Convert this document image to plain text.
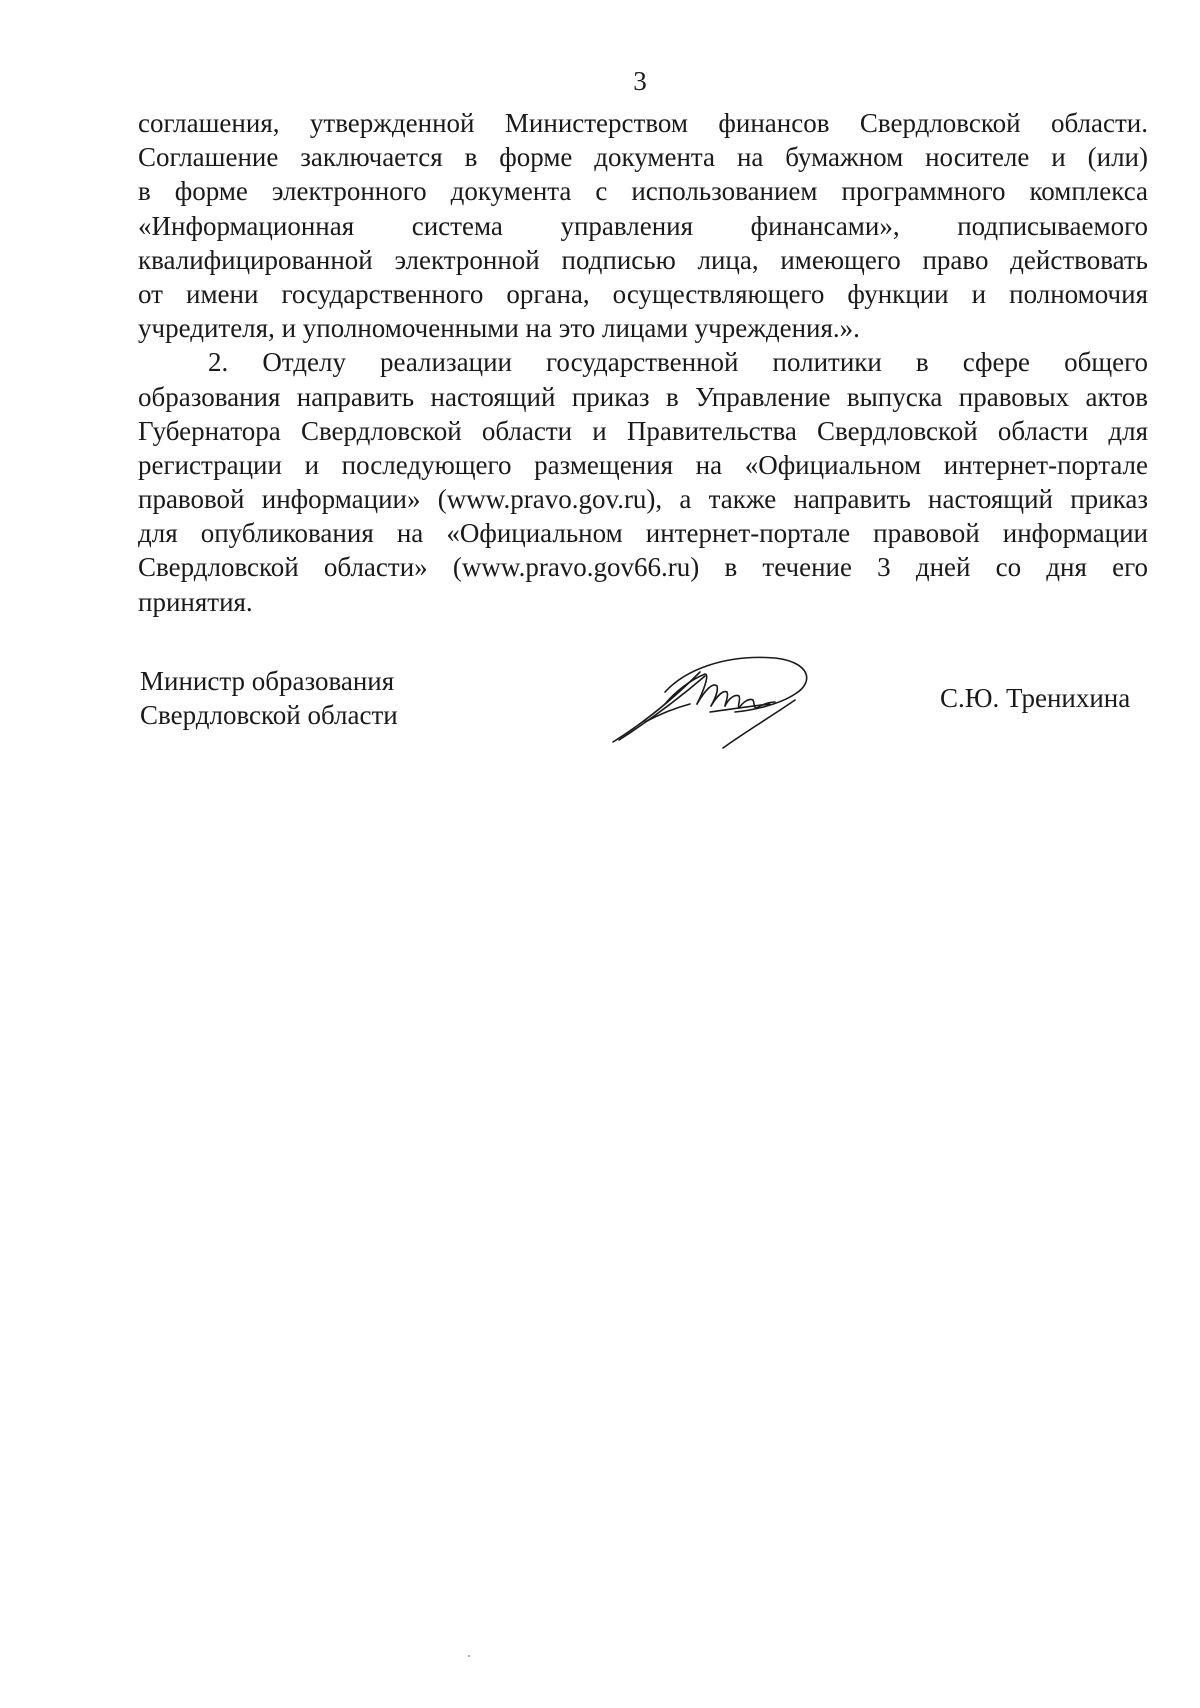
3
соглашения, утвержденной Министерством финансов Свердловской области.
Соглашение заключается в форме документа на бумажном носителе и (или)
в форме электронного документа с использованием программного комплекса
«Информационная система управления финансами», подписываемого
квалифицированной электронной подписью лица, имеющего право действовать
от имени государственного органа, осуществляющего функции и полномочия
учредителя, и уполномоченными на это лицами учреждения.».
2. Отделу реализации государственной политики в сфере общего
образования направить настоящий приказ в Управление выпуска правовых актов
Губернатора Свердловской области и Правительства Свердловской области для
регистрации и последующего размещения на «Официальном интернет-портале
правовой информации» (www.pravo.gov.ru), а также направить настоящий приказ
для опубликования на «Официальном интернет-портале правовой информации
Свердловской области» (www.pravo.gov66.ru) в течение 3 дней со дня его
принятия.
Министр образования
Свердловской области
С.Ю. Тренихина
